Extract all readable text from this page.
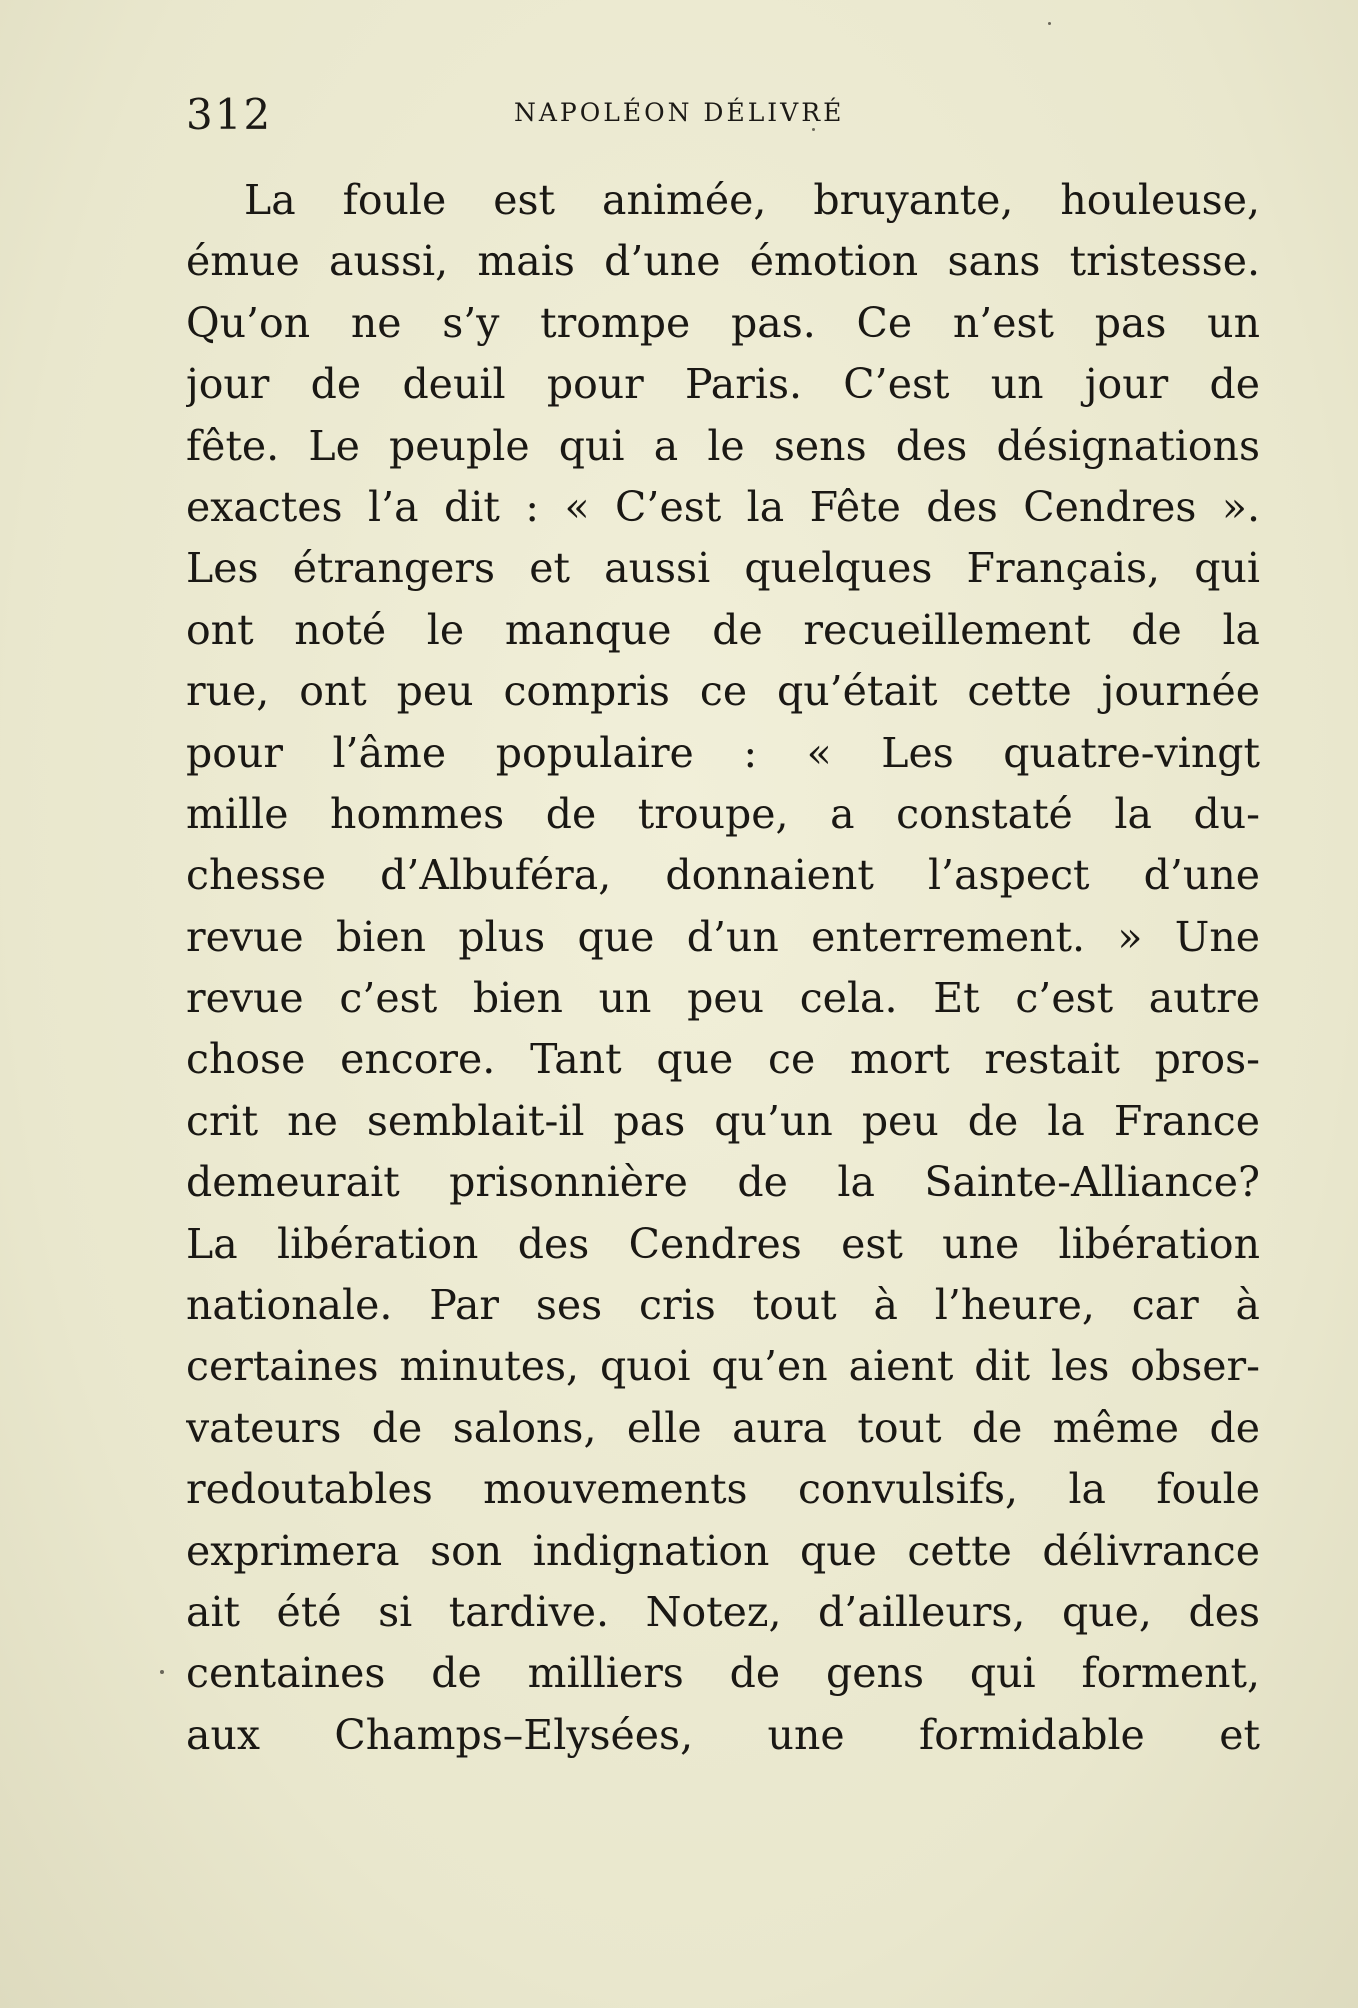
312	NAPOLÉON DÉLIVRÉ
La foule est animée, bruyante, houleuse,
émue aussi, mais d’une émotion sans tristesse.
Qu’on ne s’y trompe pas. Ce n’est pas un
jour de deuil pour Paris. C’est un jour de
fête. Le peuple qui a le sens des désignations
exactes l’a dit : « C’est la Fête des Cendres ».
Les étrangers et aussi quelques Français, qui
ont noté le manque de recueillement de la
rue, ont peu compris ce qu’était cette journée
pour l’âme populaire : « Les quatre-vingt
mille hommes de troupe, a constaté la du-
chesse d’Albuféra, donnaient l’aspect d’une
revue bien plus que d’un enterrement. » Une
revue c’est bien un peu cela. Et c’est autre
chose encore. Tant que ce mort restait pros-
crit ne semblait-il pas qu’un peu de la France
demeurait prisonnière de la Sainte-Alliance?
La libération des Cendres est une libération
nationale. Par ses cris tout à l’heure, car à
certaines minutes, quoi qu’en aient dit les obser-
vateurs de salons, elle aura tout de même de
redoutables mouvements convulsifs, la foule
exprimera son indignation que cette délivrance
ait été si tardive. Notez, d’ailleurs, que, des
centaines de milliers de gens qui forment,
aux Champs–Elysées, une formidable et
